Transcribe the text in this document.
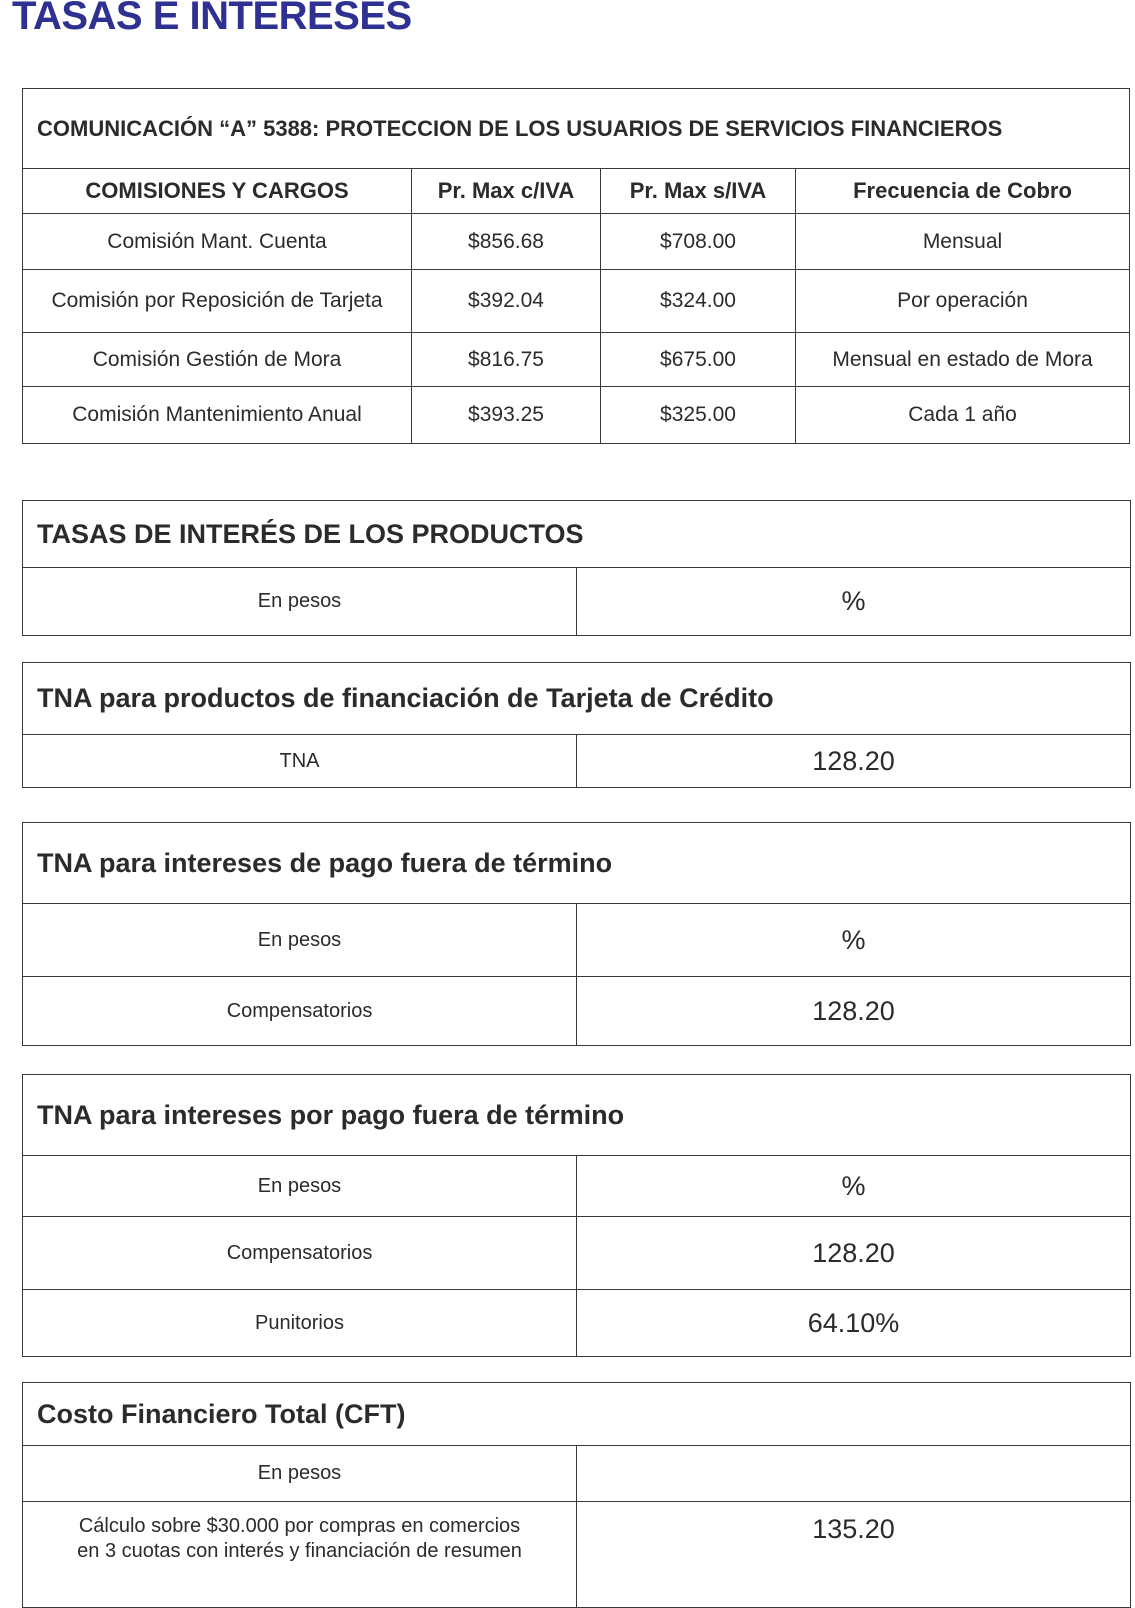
TASAS E INTERESES
COMUNICACIÓN “A” 5388: PROTECCION DE LOS USUARIOS DE SERVICIOS FINANCIEROS			
COMISIONES Y CARGOS	Pr. Max c/IVA	Pr. Max s/IVA	Frecuencia de Cobro
Comisión Mant. Cuenta	$856.68	$708.00	Mensual
Comisión por Reposición de Tarjeta	$392.04	$324.00	Por operación
Comisión Gestión de Mora	$816.75	$675.00	Mensual en estado de Mora
Comisión Mantenimiento Anual	$393.25	$325.00	Cada 1 año
TASAS DE INTERÉS DE LOS PRODUCTOS
En pesos	%
TNA para productos de financiación de Tarjeta de Crédito
TNA	128.20
TNA para intereses de pago fuera de término	
En pesos	%
Compensatorios	128.20
TNA para intereses por pago fuera de término	
En pesos	%
Compensatorios	128.20
Punitorios	64.10%
Costo Financiero Total (CFT)	
En pesos	
Cálculo sobre $30.000 por compras en comercios
en 3 cuotas con interés y financiación de resumen	135.20
